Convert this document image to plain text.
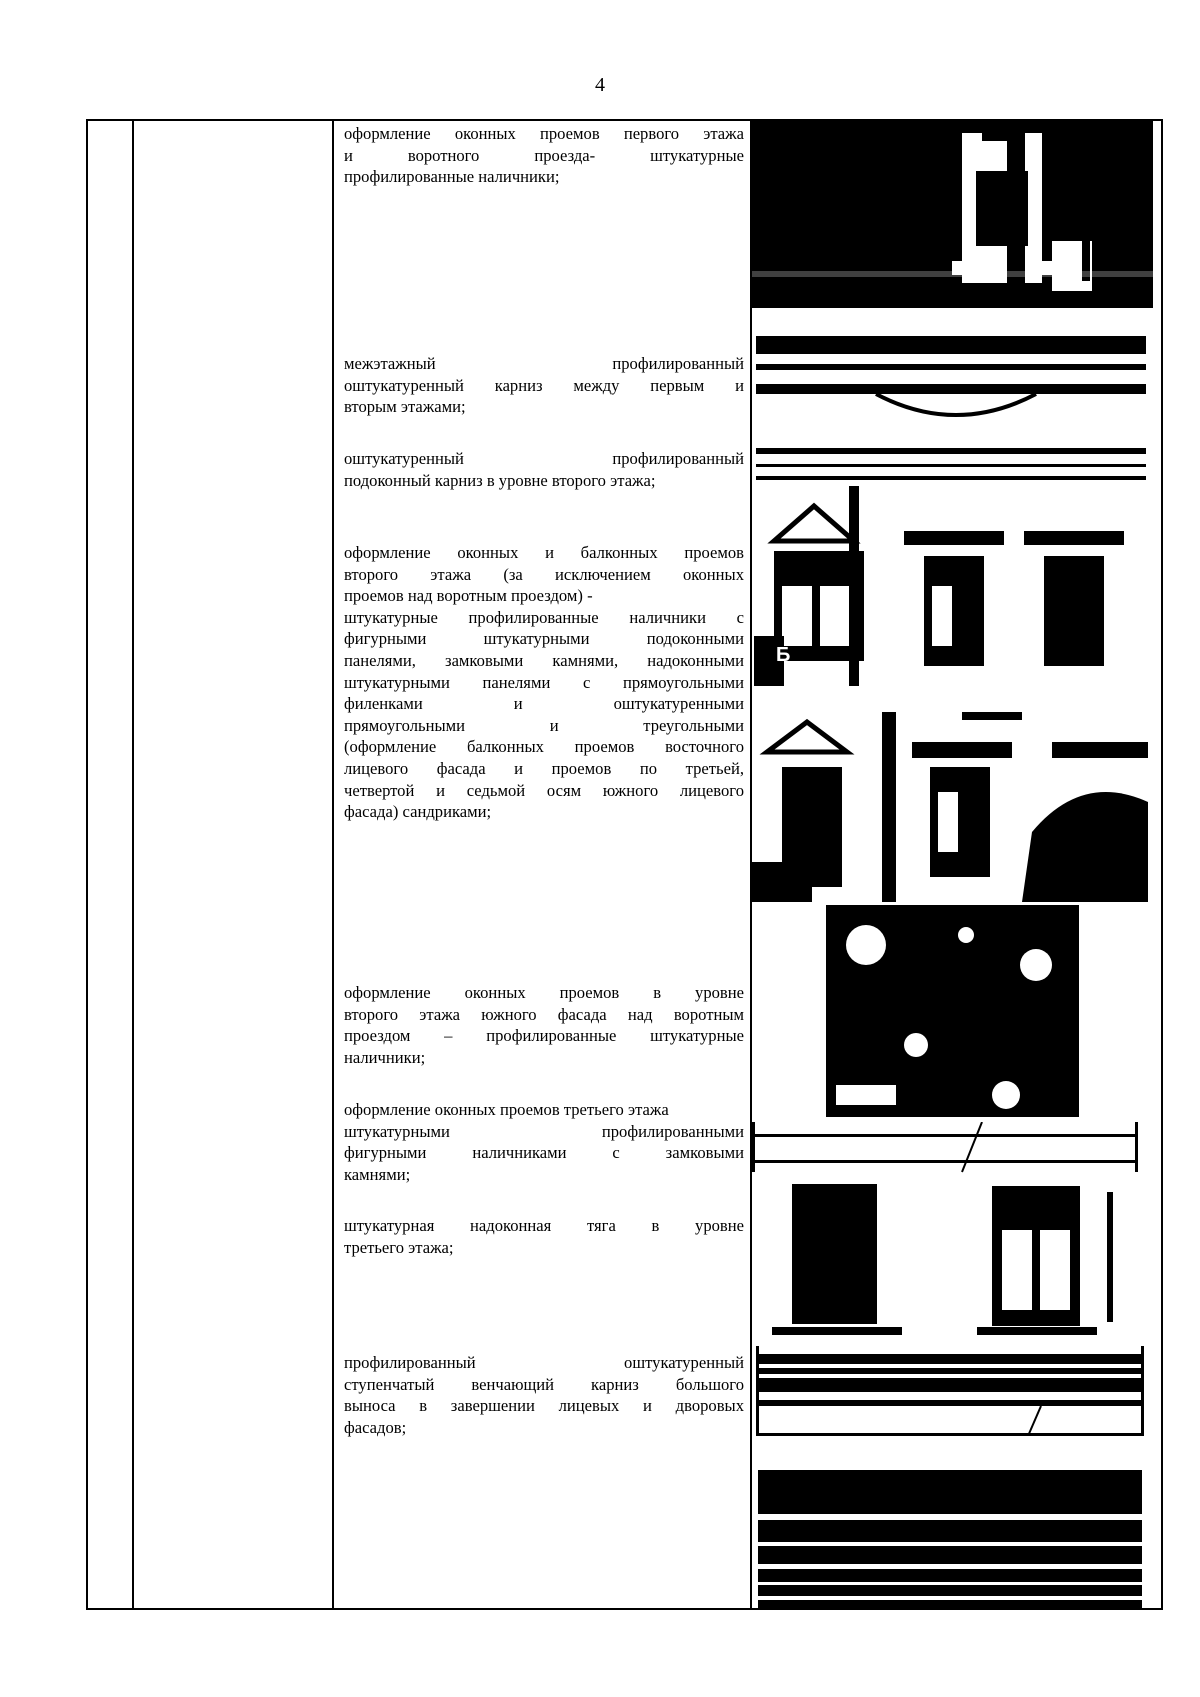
4
оформление оконных проемов первого этажа
и воротного проезда- штукатурные
профилированные наличники;
межэтажный профилированный
оштукатуренный карниз между первым и
вторым этажами;
оштукатуренный профилированный
подоконный карниз в уровне второго этажа;
оформление оконных и балконных проемов
второго этажа (за исключением оконных
проемов над воротным проездом) -
штукатурные профилированные наличники с
фигурными штукатурными подоконными
панелями, замковыми камнями, надоконными
штукатурными панелями с прямоугольными
филенками и оштукатуренными
прямоугольными и треугольными
(оформление балконных проемов восточного
лицевого фасада и проемов по третьей,
четвертой и седьмой осям южного лицевого
фасада) сандриками;
оформление оконных проемов в уровне
второго этажа южного фасада над воротным
проездом – профилированные штукатурные
наличники;
оформление оконных проемов третьего этажа
штукатурными профилированными
фигурными наличниками с замковыми
камнями;
штукатурная надоконная тяга в уровне
третьего этажа;
профилированный оштукатуренный
ступенчатый венчающий карниз большого
выноса в завершении лицевых и дворовых
фасадов;
Б
